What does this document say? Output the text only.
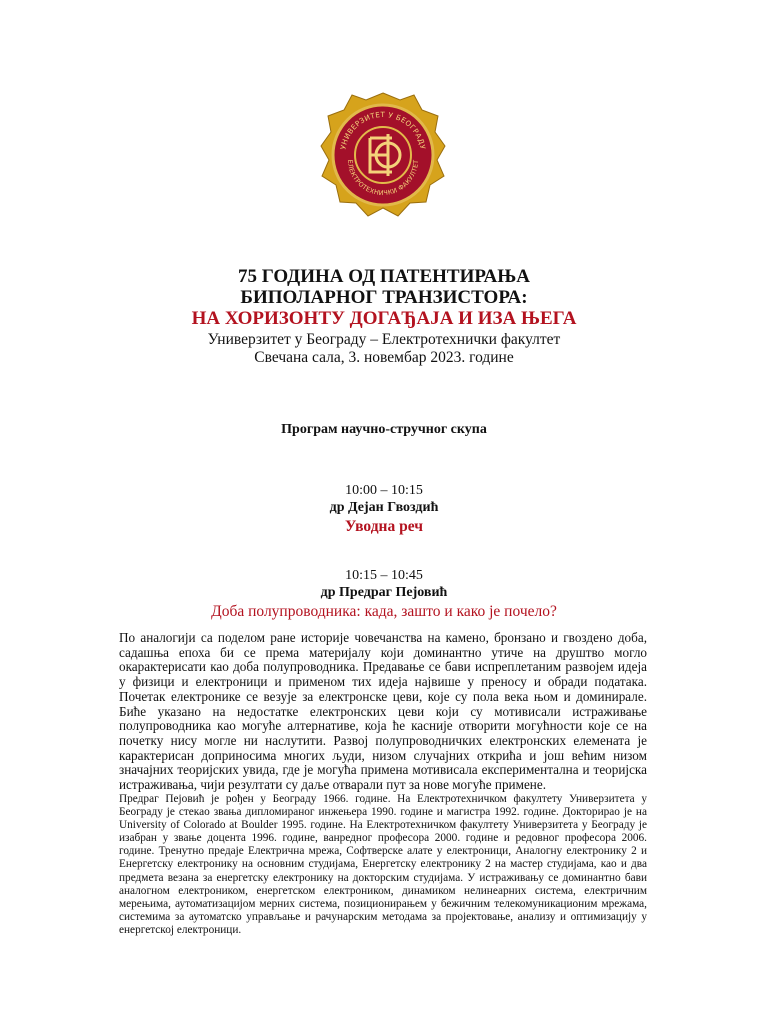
УНИВЕРЗИТЕТ У БЕОГРАДУ
ЕЛЕКТРОТЕХНИЧКИ ФАКУЛТЕТ
75 ГОДИНА ОД ПАТЕНТИРАЊА
БИПОЛАРНОГ ТРАНЗИСТОРА:
НА ХОРИЗОНТУ ДОГАЂАЈА И ИЗА ЊЕГА
Универзитет у Београду – Електротехнички факултет
Свечана сала, 3. новембар 2023. године
Програм научно-стручног скупа
10:00 – 10:15
др Дејан Гвоздић
Уводна реч
10:15 – 10:45
др Предраг Пејовић
Доба полупроводника: када, зашто и како је почело?
По аналогији са поделом ране историје човечанства на камено, бронзано и гвоздено доба, садашња епоха би се према материјалу који доминантно утиче на друштво могло окарактерисати као доба полупроводника. Предавање се бави испреплетаним развојем идеја у физици и електроници и применом тих идеја највише у преносу и обради података. Почетак електронике се везује за електронске цеви, које су пола века њом и доминирале. Биће указано на недостатке електронских цеви који су мотивисали истраживање полупроводника као могуће алтернативе, која ће касније отворити могућности које се на почетку нису могле ни наслутити. Развој полупроводничких електронских елемената је карактерисан доприносима многих људи, низом случајних открића и још већим низом значајних теоријских увида, где је могућа примена мотивисала експериментална и теоријска истраживања, чији резултати су даље отварали пут за нове могуће примене.
Предраг Пејовић је рођен у Београду 1966. године. На Електротехничком факултету Универзитета у Београду је стекао звања дипломираног инжењера 1990. године и магистра 1992. године. Докторирао је на University of Colorado at Boulder 1995. године. На Електротехничком факултету Универзитета у Београду је изабран у звање доцента 1996. године, ванредног професора 2000. године и редовног професора 2006. године. Тренутно предаје Електрична мрежа, Софтверске алате у електроници, Аналогну електронику 2 и Енергетску електронику на основним студијама, Енергетску електронику 2 на мастер студијама, као и два предмета везана за енергетску електронику на докторским студијама. У истраживању се доминантно бави аналогном електроником, енергетском електроником, динамиком нелинеарних система, електричним мерењима, аутоматизацијом мерних система, позиционирањем у бежичним телекомуникационим мрежама, системима за аутоматско управљање и рачунарским методама за пројектовање, анализу и оптимизацију у енергетској електроници.
